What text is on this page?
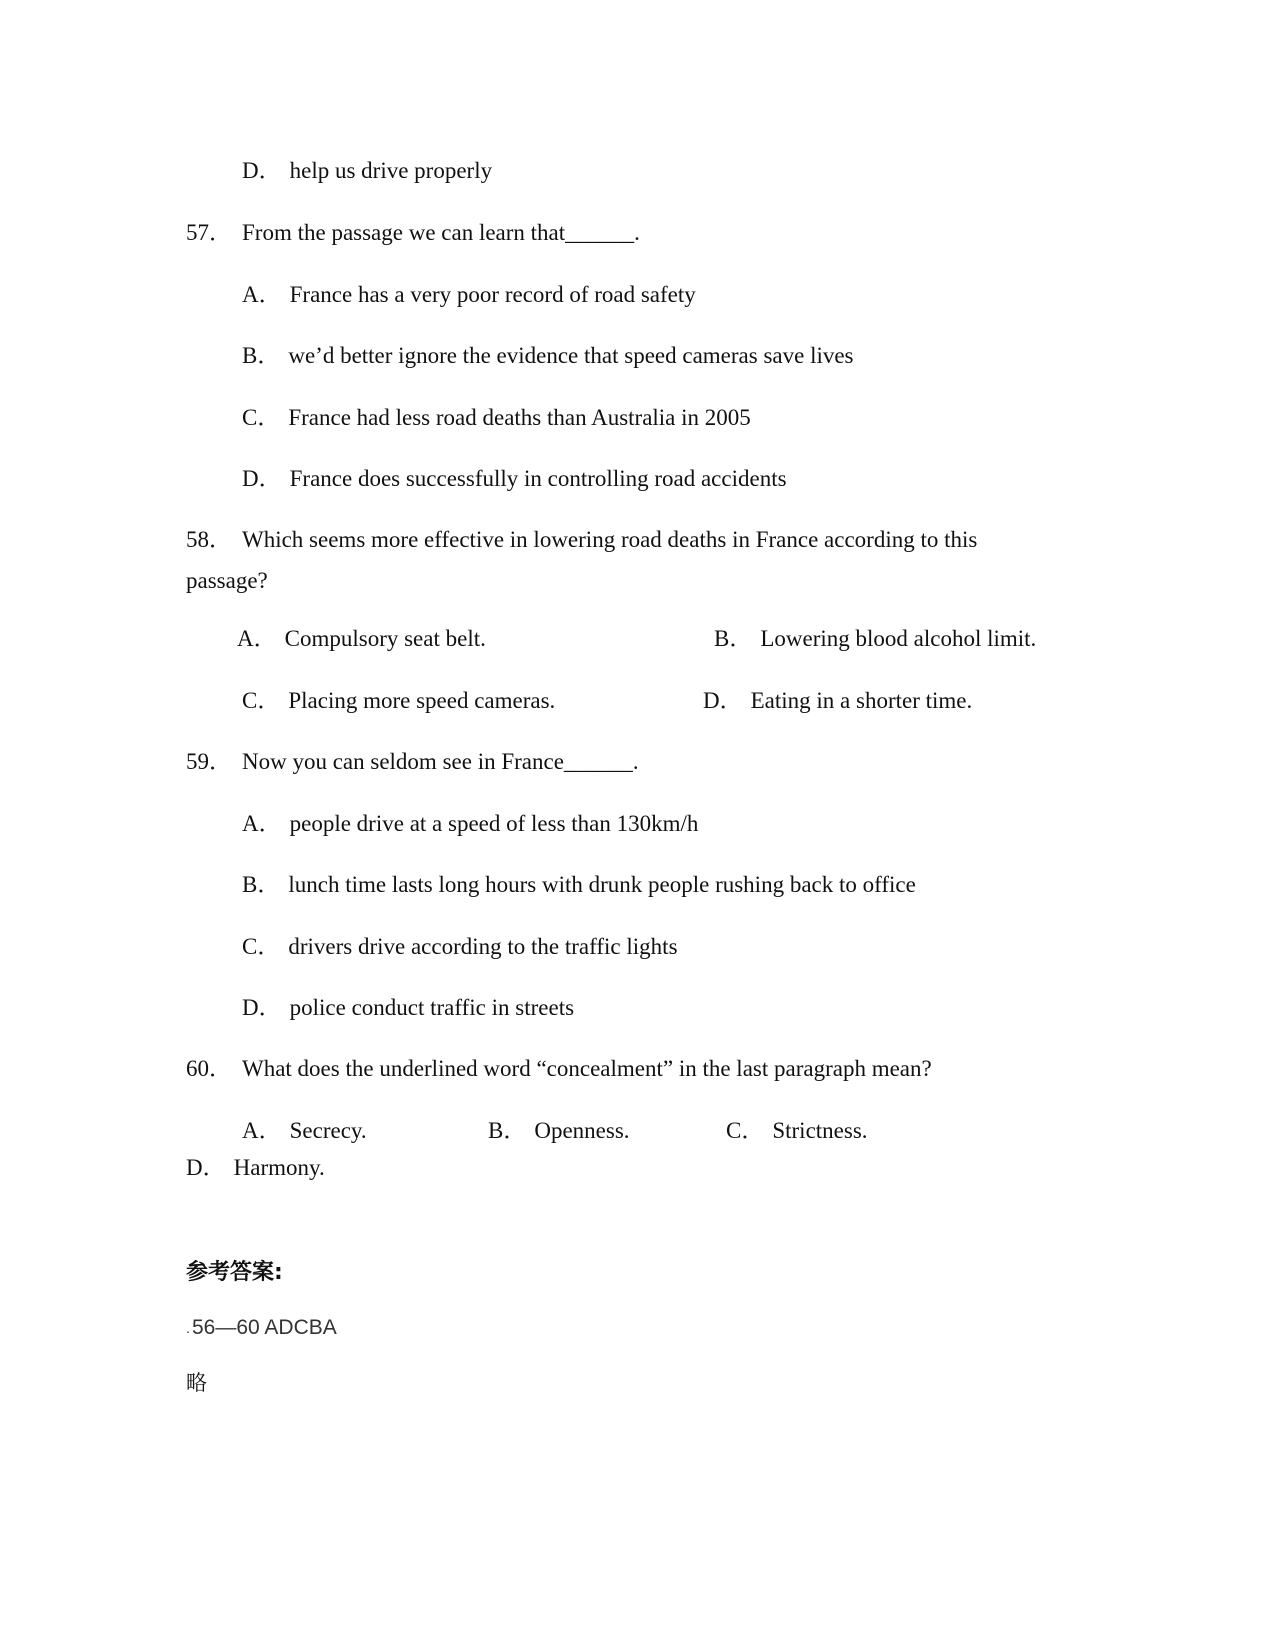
D． help us drive properly
57． From the passage we can learn that______.
A． France has a very poor record of road safety
B． we’d better ignore the evidence that speed cameras save lives
C． France had less road deaths than Australia in 2005
D． France does successfully in controlling road accidents
58． Which seems more effective in lowering road deaths in France according to this passage?
A． Compulsory seat belt.	B． Lowering blood alcohol limit.
C． Placing more speed cameras.	D． Eating in a shorter time.
59． Now you can seldom see in France______.
A． people drive at a speed of less than 130km/h
B． lunch time lasts long hours with drunk people rushing back to office
C． drivers drive according to the traffic lights
D． police conduct traffic in streets
60． What does the underlined word “concealment” in the last paragraph mean?
A． Secrecy.	B． Openness.	C． Strictness.
D． Harmony.
参考答案:
. 56—60 ADCBA
略
